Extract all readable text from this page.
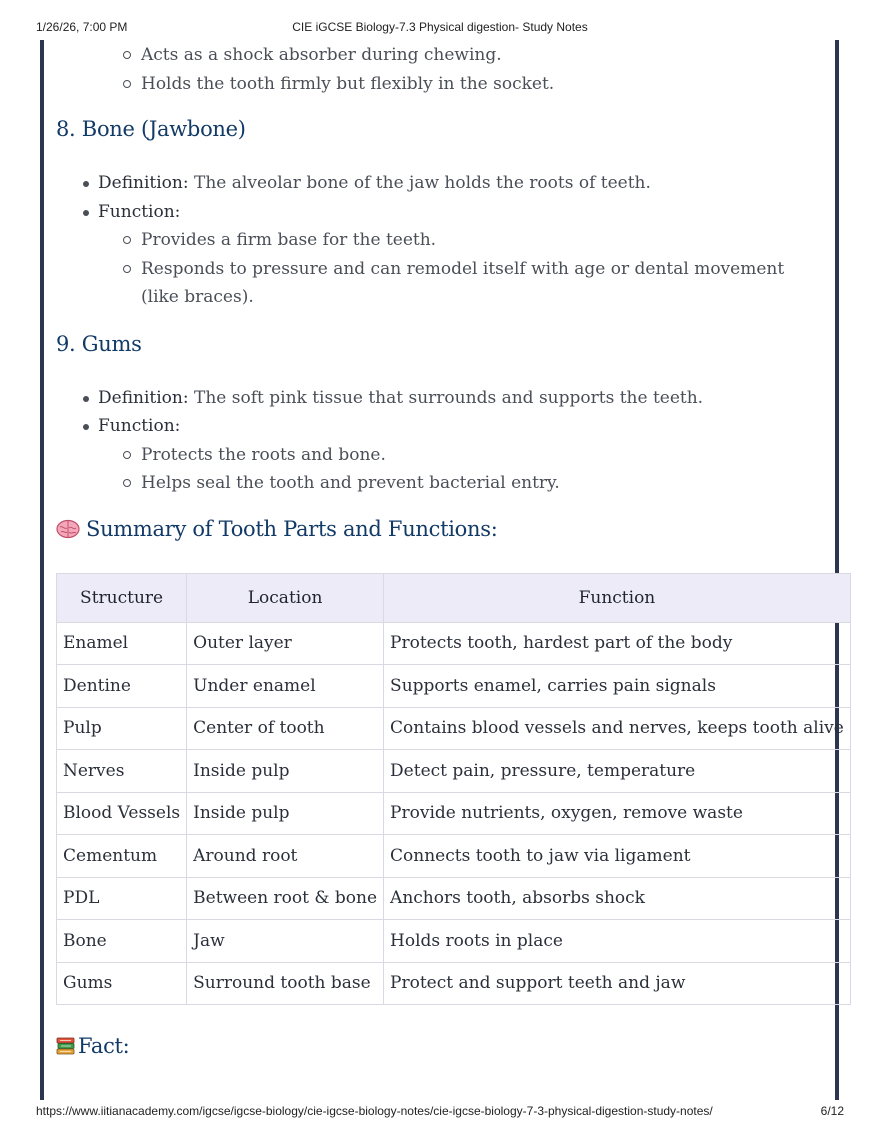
1/26/26, 7:00 PM	CIE iGCSE Biology-7.3 Physical digestion- Study Notes
Acts as a shock absorber during chewing.
Holds the tooth firmly but flexibly in the socket.
8. Bone (Jawbone)
Definition: The alveolar bone of the jaw holds the roots of teeth.
Function:
Provides a firm base for the teeth.
Responds to pressure and can remodel itself with age or dental movement (like braces).
9. Gums
Definition: The soft pink tissue that surrounds and supports the teeth.
Function:
Protects the roots and bone.
Helps seal the tooth and prevent bacterial entry.
Summary of Tooth Parts and Functions:
Structure	Location	Function
Enamel	Outer layer	Protects tooth, hardest part of the body
Dentine	Under enamel	Supports enamel, carries pain signals
Pulp	Center of tooth	Contains blood vessels and nerves, keeps tooth alive
Nerves	Inside pulp	Detect pain, pressure, temperature
Blood Vessels	Inside pulp	Provide nutrients, oxygen, remove waste
Cementum	Around root	Connects tooth to jaw via ligament
PDL	Between root & bone	Anchors tooth, absorbs shock
Bone	Jaw	Holds roots in place
Gums	Surround tooth base	Protect and support teeth and jaw
Fact:
https://www.iitianacademy.com/igcse/igcse-biology/cie-igcse-biology-notes/cie-igcse-biology-7-3-physical-digestion-study-notes/	6/12
